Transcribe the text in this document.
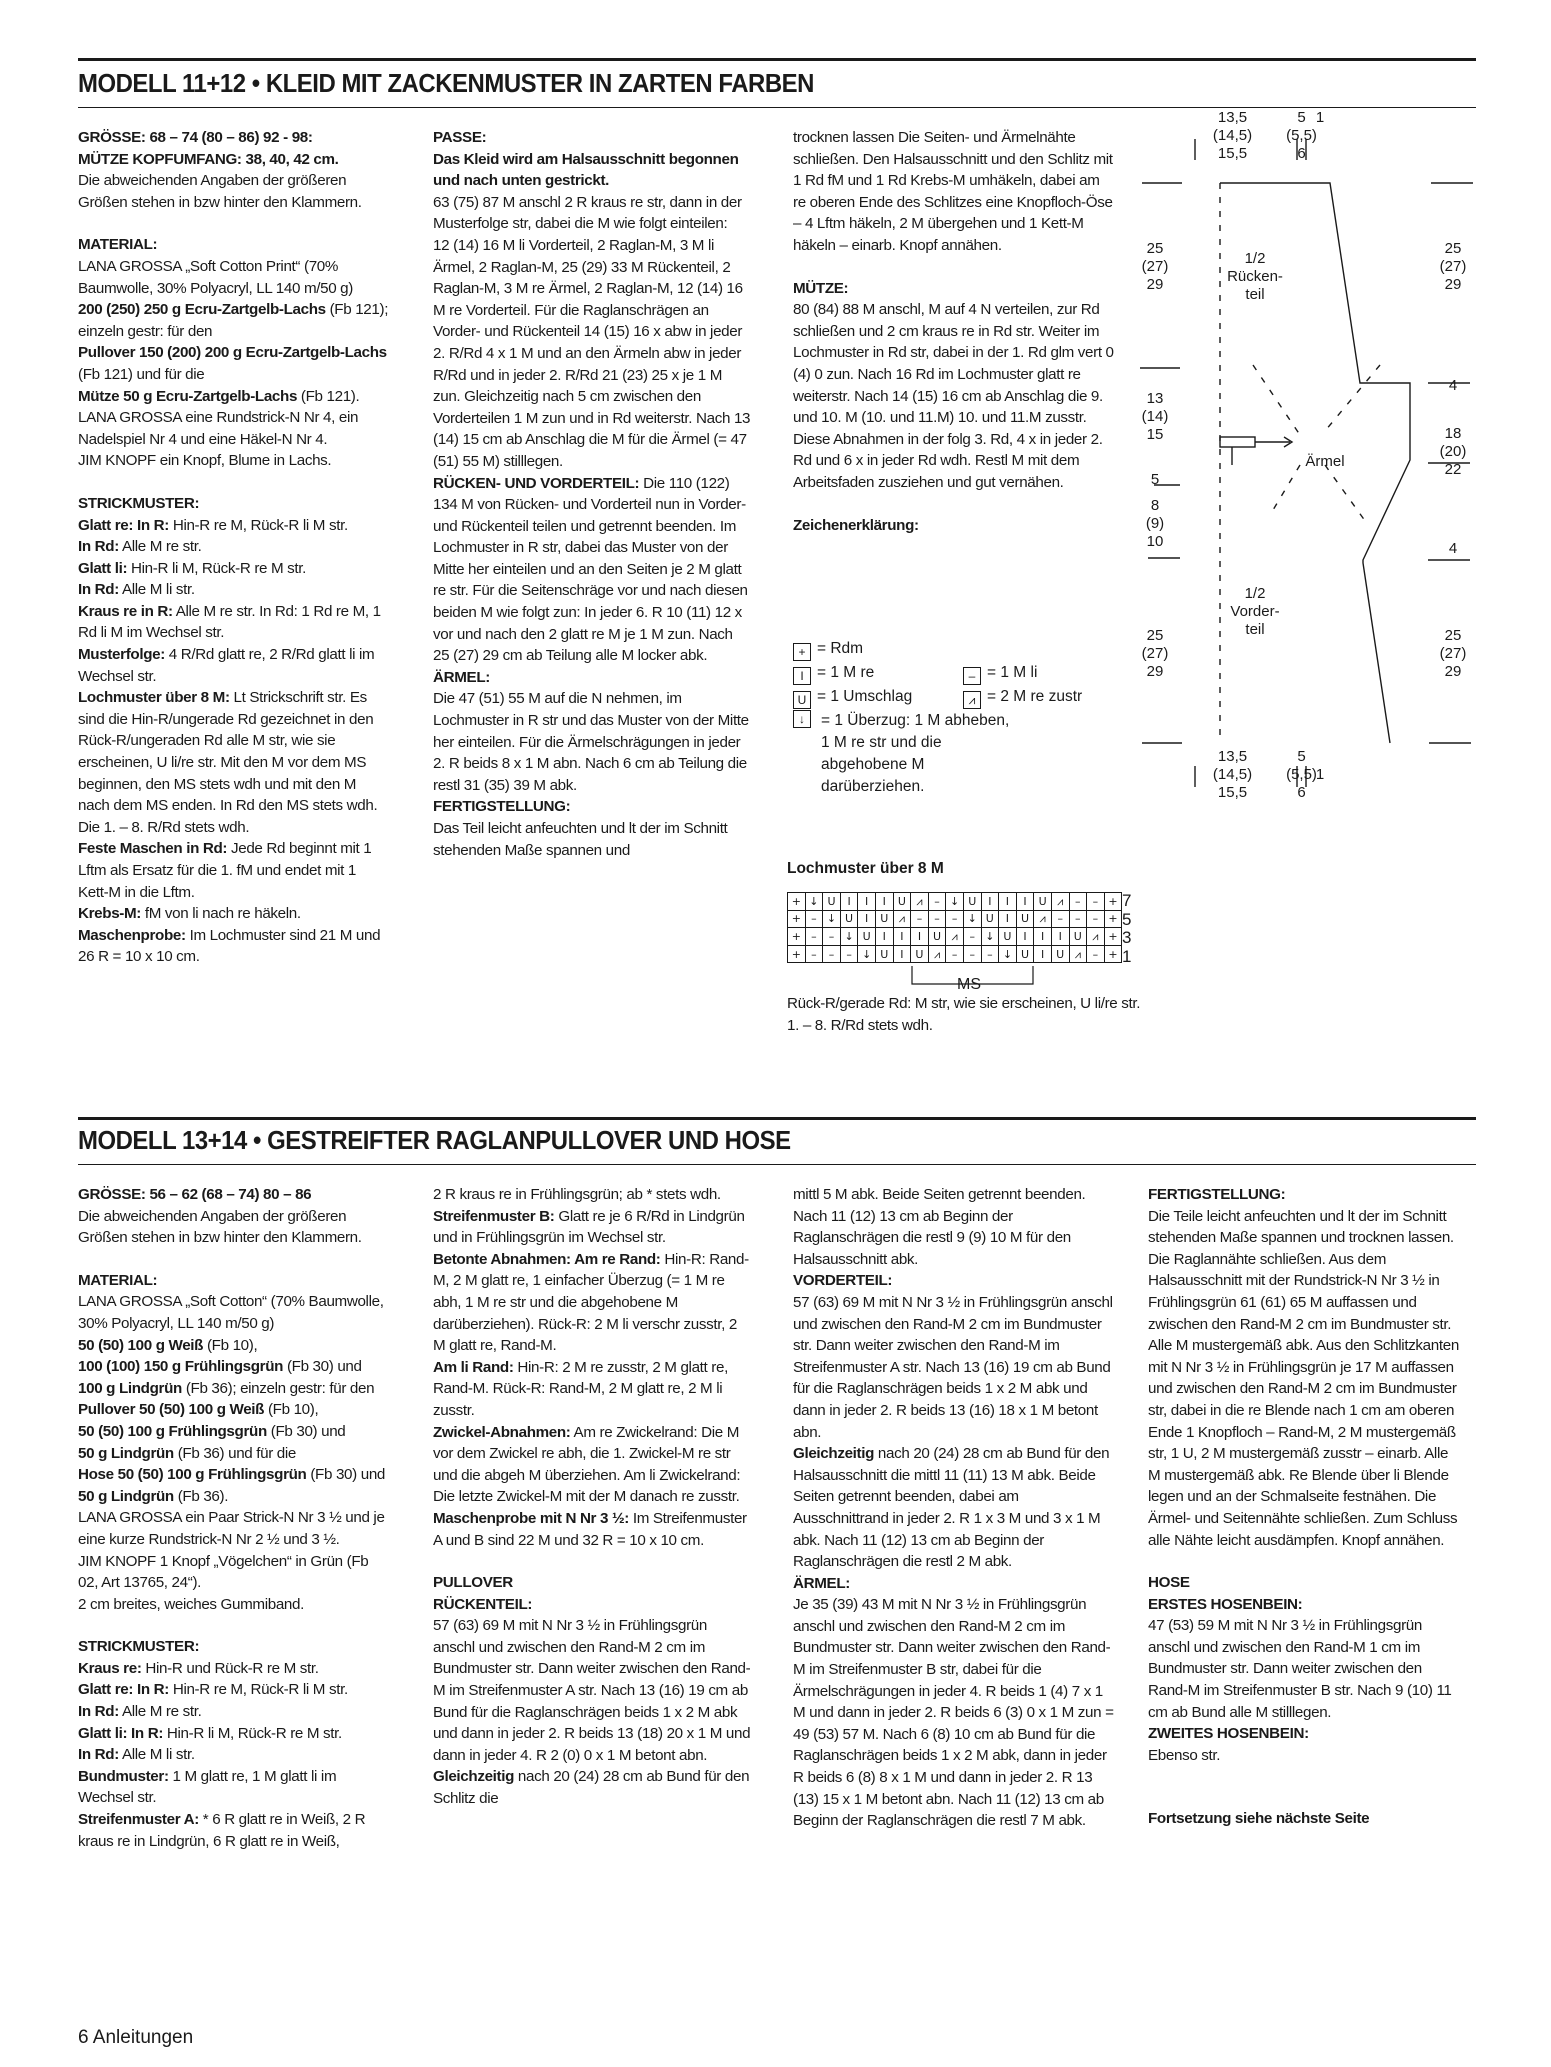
MODELL 11+12 • KLEID MIT ZACKENMUSTER IN ZARTEN FARBEN

GRÖSSE: 68 – 74 (80 – 86) 92 - 98:

MÜTZE KOPFUMFANG: 38, 40, 42 cm.

Die abweichenden Angaben der größeren Größen stehen in bzw hinter den Klammern.

MATERIAL:

LANA GROSSA „Soft Cotton Print“ (70% Baumwolle, 30% Polyacryl, LL 140 m/50 g)

200 (250) 250 g Ecru-Zartgelb-Lachs (Fb 121); einzeln gestr: für den

Pullover 150 (200) 200 g Ecru-Zartgelb-Lachs (Fb 121) und für die

Mütze 50 g Ecru-Zartgelb-Lachs (Fb 121).

LANA GROSSA eine Rundstrick-N Nr 4, ein Nadelspiel Nr 4 und eine Häkel-N Nr 4.

JIM KNOPF ein Knopf, Blume in Lachs.

STRICKMUSTER:

Glatt re: In R: Hin-R re M, Rück-R li M str.

In Rd: Alle M re str.

Glatt li: Hin-R li M, Rück-R re M str.

In Rd: Alle M li str.

Kraus re in R: Alle M re str. In Rd: 1 Rd re M, 1 Rd li M im Wechsel str.

Musterfolge: 4 R/Rd glatt re, 2 R/Rd glatt li im Wechsel str.

Lochmuster über 8 M: Lt Strickschrift str. Es sind die Hin-R/ungerade Rd gezeichnet in den Rück-R/ungeraden Rd alle M str, wie sie erscheinen, U li/re str. Mit den M vor dem MS beginnen, den MS stets wdh und mit den M nach dem MS enden. In Rd den MS stets wdh. Die 1. – 8. R/Rd stets wdh.

Feste Maschen in Rd: Jede Rd beginnt mit 1 Lftm als Ersatz für die 1. fM und endet mit 1 Kett-M in die Lftm.

Krebs-M: fM von li nach re häkeln.

Maschenprobe: Im Lochmuster sind 21 M und 26 R = 10 x 10 cm.

PASSE:

Das Kleid wird am Halsausschnitt begonnen und nach unten gestrickt.

63 (75) 87 M anschl 2 R kraus re str, dann in der Musterfolge str, dabei die M wie folgt einteilen:

12 (14) 16 M li Vorderteil, 2 Raglan-M, 3 M li Ärmel, 2 Raglan-M, 25 (29) 33 M Rückenteil, 2 Raglan-M, 3 M re Ärmel, 2 Raglan-M, 12 (14) 16 M re Vorderteil. Für die Raglanschrägen an Vorder- und Rückenteil 14 (15) 16 x abw in jeder 2. R/Rd 4 x 1 M und an den Ärmeln abw in jeder R/Rd und in jeder 2. R/Rd 21 (23) 25 x je 1 M zun. Gleichzeitig nach 5 cm zwischen den Vorderteilen 1 M zun und in Rd weiterstr. Nach 13 (14) 15 cm ab Anschlag die M für die Ärmel (= 47 (51) 55 M) stilllegen.

RÜCKEN- UND VORDERTEIL: Die 110 (122) 134 M von Rücken- und Vorderteil nun in Vorder- und Rückenteil teilen und getrennt beenden. Im Lochmuster in R str, dabei das Muster von der Mitte her einteilen und an den Seiten je 2 M glatt re str. Für die Seitenschräge vor und nach diesen beiden M wie folgt zun: In jeder 6. R 10 (11) 12 x vor und nach den 2 glatt re M je 1 M zun. Nach 25 (27) 29 cm ab Teilung alle M locker abk.

ÄRMEL:

Die 47 (51) 55 M auf die N nehmen, im Lochmuster in R str und das Muster von der Mitte her einteilen. Für die Ärmelschrägungen in jeder 2. R beids 8 x 1 M abn. Nach 6 cm ab Teilung die restl 31 (35) 39 M abk.

FERTIGSTELLUNG:

Das Teil leicht anfeuchten und lt der im Schnitt stehenden Maße spannen und

trocknen lassen Die Seiten- und Ärmelnähte schließen. Den Halsausschnitt und den Schlitz mit 1 Rd fM und 1 Rd Krebs-M umhäkeln, dabei am re oberen Ende des Schlitzes eine Knopfloch-Öse – 4 Lftm häkeln, 2 M übergehen und 1 Kett-M häkeln – einarb. Knopf annähen.

MÜTZE:

80 (84) 88 M anschl, M auf 4 N verteilen, zur Rd schließen und 2 cm kraus re in Rd str. Weiter im Lochmuster in Rd str, dabei in der 1. Rd glm vert 0 (4) 0 zun. Nach 16 Rd im Lochmuster glatt re weiterstr. Nach 14 (15) 16 cm ab Anschlag die 9. und 10. M (10. und 11.M) 10. und 11.M zusstr. Diese Abnahmen in der folg 3. Rd, 4 x in jeder 2. Rd und 6 x in jeder Rd wdh. Restl M mit dem Arbeitsfaden zusziehen und gut vernähen.

Zeichenerklärung:

+ = Rdm
I = 1 M re	– = 1 M li
U = 1 Umschlag	⩘ = 2 M re zustr
↓	= 1 Überzug: 1 M abheben, 1 M re str und die abgehobene M darüberziehen.
Lochmuster über 8 M
+	↓	U	I	I	I	U	⩘	–	↓	U	I	I	I	U	⩘	–	–	+
+	–	↓	U	I	U	⩘	–	–	–	↓	U	I	U	⩘	–	–	–	+
+	–	–	↓	U	I	I	I	U	⩘	–	↓	U	I	I	I	U	⩘	+
+	–	–	–	↓	U	I	U	⩘	–	–	–	↓	U	I	U	⩘	–	+
7
5
3
1
MS
Rück-R/gerade Rd: M str, wie sie erscheinen, U li/re str.
1. – 8. R/Rd stets wdh.
13,5
(14,5)
15,5
5
(5,5)
6
1
25
(27)
29
25
(27)
29
1/2
Rücken-
teil
13
(14)
15
5
8
(9)
10
4
18
(20)
22
4
Ärmel
1/2
Vorder-
teil
25
(27)
29
25
(27)
29
13,5
(14,5)
15,5
5
(5,5)
6
1
MODELL 13+14 • GESTREIFTER RAGLANPULLOVER UND HOSE

GRÖSSE: 56 – 62 (68 – 74) 80 – 86

Die abweichenden Angaben der größeren Größen stehen in bzw hinter den Klammern.

MATERIAL:

LANA GROSSA „Soft Cotton“ (70% Baumwolle, 30% Polyacryl, LL 140 m/50 g)

50 (50) 100 g Weiß (Fb 10),

100 (100) 150 g Frühlingsgrün (Fb 30) und

100 g Lindgrün (Fb 36); einzeln gestr: für den

Pullover 50 (50) 100 g Weiß (Fb 10),

50 (50) 100 g Frühlingsgrün (Fb 30) und

50 g Lindgrün (Fb 36) und für die

Hose 50 (50) 100 g Frühlingsgrün (Fb 30) und

50 g Lindgrün (Fb 36).

LANA GROSSA ein Paar Strick-N Nr 3 ½ und je eine kurze Rundstrick-N Nr 2 ½ und 3 ½.

JIM KNOPF 1 Knopf „Vögelchen“ in Grün (Fb 02, Art 13765, 24“).

2 cm breites, weiches Gummiband.

STRICKMUSTER:

Kraus re: Hin-R und Rück-R re M str.

Glatt re: In R: Hin-R re M, Rück-R li M str.

In Rd: Alle M re str.

Glatt li: In R: Hin-R li M, Rück-R re M str.

In Rd: Alle M li str.

Bundmuster: 1 M glatt re, 1 M glatt li im Wechsel str.

Streifenmuster A: * 6 R glatt re in Weiß, 2 R kraus re in Lindgrün, 6 R glatt re in Weiß,

2 R kraus re in Frühlingsgrün; ab * stets wdh.

Streifenmuster B: Glatt re je 6 R/Rd in Lindgrün und in Frühlingsgrün im Wechsel str.

Betonte Abnahmen: Am re Rand: Hin-R: Rand-M, 2 M glatt re, 1 einfacher Überzug (= 1 M re abh, 1 M re str und die abgehobene M darüberziehen). Rück-R: 2 M li verschr zusstr, 2 M glatt re, Rand-M.

Am li Rand: Hin-R: 2 M re zusstr, 2 M glatt re, Rand-M. Rück-R: Rand-M, 2 M glatt re, 2 M li zusstr.

Zwickel-Abnahmen: Am re Zwickelrand: Die M vor dem Zwickel re abh, die 1. Zwickel-M re str und die abgeh M überziehen. Am li Zwickelrand: Die letzte Zwickel-M mit der M danach re zusstr.

Maschenprobe mit N Nr 3 ½: Im Streifenmuster A und B sind 22 M und 32 R = 10 x 10 cm.

PULLOVER

RÜCKENTEIL:

57 (63) 69 M mit N Nr 3 ½ in Frühlingsgrün anschl und zwischen den Rand-M 2 cm im Bundmuster str. Dann weiter zwischen den Rand-M im Streifenmuster A str. Nach 13 (16) 19 cm ab Bund für die Raglanschrägen beids 1 x 2 M abk und dann in jeder 2. R beids 13 (18) 20 x 1 M und dann in jeder 4. R 2 (0) 0 x 1 M betont abn.

Gleichzeitig nach 20 (24) 28 cm ab Bund für den Schlitz die

mittl 5 M abk. Beide Seiten getrennt beenden. Nach 11 (12) 13 cm ab Beginn der Raglanschrägen die restl 9 (9) 10 M für den Halsausschnitt abk.

VORDERTEIL:

57 (63) 69 M mit N Nr 3 ½ in Frühlingsgrün anschl und zwischen den Rand-M 2 cm im Bundmuster str. Dann weiter zwischen den Rand-M im Streifenmuster A str. Nach 13 (16) 19 cm ab Bund für die Raglanschrägen beids 1 x 2 M abk und dann in jeder 2. R beids 13 (16) 18 x 1 M betont abn.

Gleichzeitig nach 20 (24) 28 cm ab Bund für den Halsausschnitt die mittl 11 (11) 13 M abk. Beide Seiten getrennt beenden, dabei am Ausschnittrand in jeder 2. R 1 x 3 M und 3 x 1 M abk. Nach 11 (12) 13 cm ab Beginn der Raglanschrägen die restl 2 M abk.

ÄRMEL:

Je 35 (39) 43 M mit N Nr 3 ½ in Frühlingsgrün anschl und zwischen den Rand-M 2 cm im Bundmuster str. Dann weiter zwischen den Rand-M im Streifenmuster B str, dabei für die Ärmelschrägungen in jeder 4. R beids 1 (4) 7 x 1 M und dann in jeder 2. R beids 6 (3) 0 x 1 M zun = 49 (53) 57 M. Nach 6 (8) 10 cm ab Bund für die Raglanschrägen beids 1 x 2 M abk, dann in jeder R beids 6 (8) 8 x 1 M und dann in jeder 2. R 13 (13) 15 x 1 M betont abn. Nach 11 (12) 13 cm ab Beginn der Raglanschrägen die restl 7 M abk.

FERTIGSTELLUNG:

Die Teile leicht anfeuchten und lt der im Schnitt stehenden Maße spannen und trocknen lassen. Die Raglannähte schließen. Aus dem Halsausschnitt mit der Rundstrick-N Nr 3 ½ in Frühlingsgrün 61 (61) 65 M auffassen und zwischen den Rand-M 2 cm im Bundmuster str. Alle M mustergemäß abk. Aus den Schlitzkanten mit N Nr 3 ½ in Frühlingsgrün je 17 M auffassen und zwischen den Rand-M 2 cm im Bundmuster str, dabei in die re Blende nach 1 cm am oberen Ende 1 Knopfloch – Rand-M, 2 M mustergemäß str, 1 U, 2 M mustergemäß zusstr – einarb. Alle M mustergemäß abk. Re Blende über li Blende legen und an der Schmalseite festnähen. Die Ärmel- und Seitennähte schließen. Zum Schluss alle Nähte leicht ausdämpfen. Knopf annähen.

HOSE

ERSTES HOSENBEIN:

47 (53) 59 M mit N Nr 3 ½ in Frühlingsgrün anschl und zwischen den Rand-M 1 cm im Bundmuster str. Dann weiter zwischen den Rand-M im Streifenmuster B str. Nach 9 (10) 11 cm ab Bund alle M stilllegen.

ZWEITES HOSENBEIN:

Ebenso str.

Fortsetzung siehe nächste Seite

6 Anleitungen
